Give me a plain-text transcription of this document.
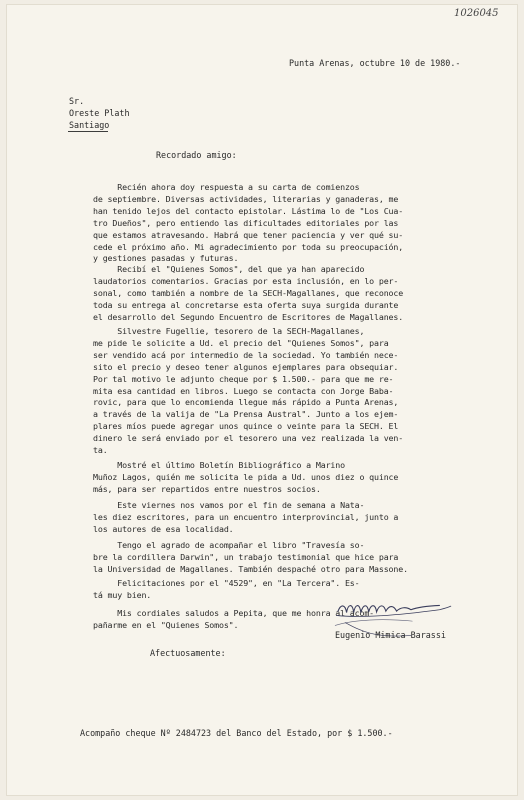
1026045
Punta Arenas, octubre 10 de 1980.-
Sr.
Oreste Plath
Santiago
Recordado amigo:
Recién ahora doy respuesta a su carta de comienzos
de septiembre. Diversas actividades, literarias y ganaderas, me
han tenido lejos del contacto epistolar. Lástima lo de "Los Cua-
tro Dueños", pero entiendo las dificultades editoriales por las
que estamos atravesando. Habrá que tener paciencia y ver qué su-
cede el próximo año. Mi agradecimiento por toda su preocupación,
y gestiones pasadas y futuras.
Recibí el "Quienes Somos", del que ya han aparecido
laudatorios comentarios. Gracias por esta inclusión, en lo per-
sonal, como también a nombre de la SECH-Magallanes, que reconoce
toda su entrega al concretarse esta oferta suya surgida durante
el desarrollo del Segundo Encuentro de Escritores de Magallanes.
Silvestre Fugellie, tesorero de la SECH-Magallanes,
me pide le solicite a Ud. el precio del "Quienes Somos", para
ser vendido acá por intermedio de la sociedad. Yo también nece-
sito el precio y deseo tener algunos ejemplares para obsequiar.
Por tal motivo le adjunto cheque por $ 1.500.- para que me re-
mita esa cantidad en libros. Luego se contacta con Jorge Baba-
rovic, para que lo encomienda llegue más rápido a Punta Arenas,
a través de la valija de "La Prensa Austral". Junto a los ejem-
plares míos puede agregar unos quince o veinte para la SECH. El
dinero le será enviado por el tesorero una vez realizada la ven-
ta.
Mostré el último Boletín Bibliográfico a Marino
Muñoz Lagos, quién me solicita le pida a Ud. unos diez o quince
más, para ser repartidos entre nuestros socios.
Este viernes nos vamos por el fin de semana a Nata-
les diez escritores, para un encuentro interprovincial, junto a
los autores de esa localidad.
Tengo el agrado de acompañar el libro "Travesía so-
bre la cordillera Darwin", un trabajo testimonial que hice para
la Universidad de Magallanes. También despaché otro para Massone.
Felicitaciones por el "4529", en "La Tercera". Es-
tá muy bien.
Mis cordiales saludos a Pepita, que me honra al acom-
pañarme en el "Quienes Somos".
Afectuosamente:
Eugenio Mimica Barassi
Acompaño cheque Nº 2484723 del Banco del Estado, por $ 1.500.-
